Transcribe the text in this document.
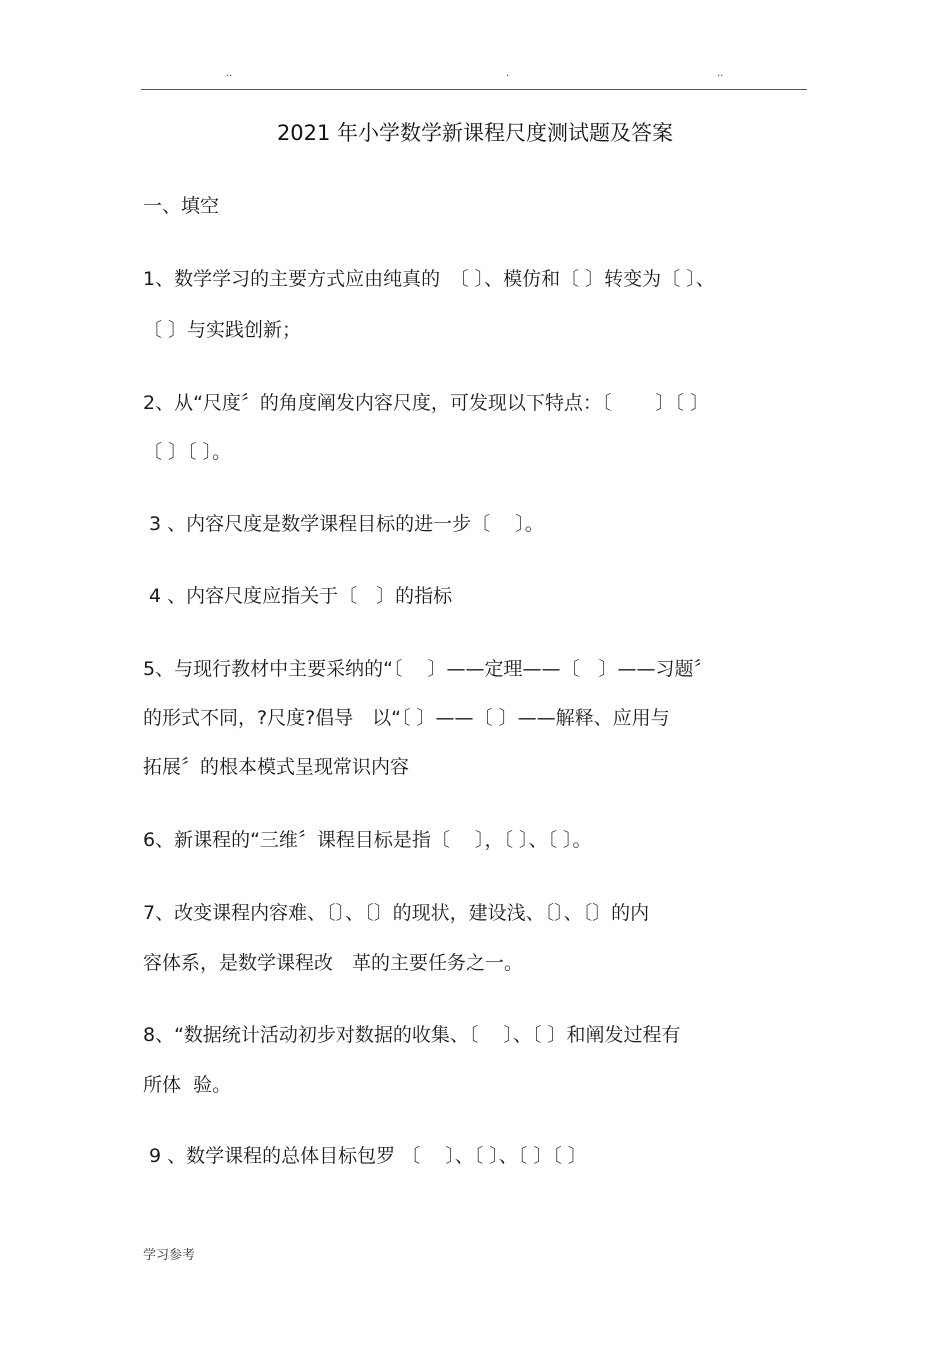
..	.	..
2021 年小学数学新课程尺度测试题及答案
一、填空
1、数学学习的主要方式应由纯真的　〔 〕、模仿和〔 〕转变为〔 〕、
〔 〕与实践创新；
2、从“尺度〞的角度阐发内容尺度，可发现以下特点：〔　　 〕〔 〕
〔 〕〔 〕。
3 、内容尺度是数学课程目标的进一步〔　 〕。
4 、内容尺度应指关于〔　〕的指标
5、与现行教材中主要采纳的“〔　 〕——定理——〔　〕——习题〞
的形式不同，?尺度?倡导　以“〔 〕——〔 〕——解释、应用与
拓展〞的根本模式呈现常识内容
6、新课程的“三维〞课程目标是指〔　 〕，〔 〕、〔 〕。
7、改变课程内容难、〔〕、〔〕的现状，建设浅、〔〕、〔〕的内
容体系，是数学课程改　革的主要任务之一。
8、“数据统计活动初步对数据的收集、〔　 〕、〔 〕和阐发过程有
所体  验。
9 、数学课程的总体目标包罗 〔　 〕、〔 〕、〔 〕〔 〕
学习参考
